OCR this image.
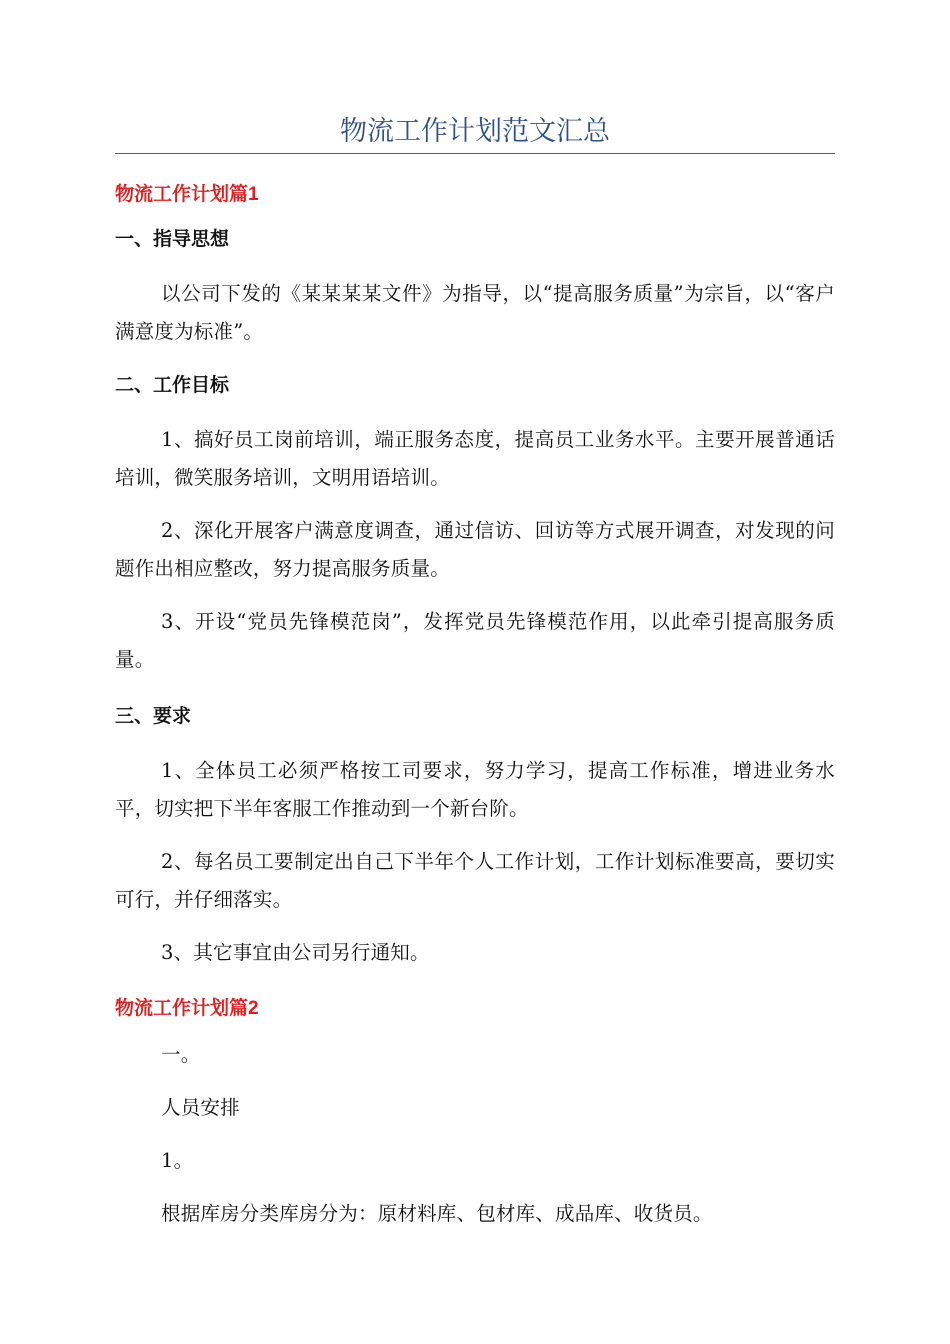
物流工作计划范文汇总
物流工作计划篇1
一、指导思想

以公司下发的《某某某某文件》为指导，以“提高服务质量”为宗旨，以“客户满意度为标准”。

二、工作目标

1、搞好员工岗前培训，端正服务态度，提高员工业务水平。主要开展普通话培训，微笑服务培训，文明用语培训。

2、深化开展客户满意度调查，通过信访、回访等方式展开调查，对发现的问题作出相应整改，努力提高服务质量。

3、开设“党员先锋模范岗”，发挥党员先锋模范作用，以此牵引提高服务质量。

三、要求

1、全体员工必须严格按工司要求，努力学习，提高工作标准，增进业务水平，切实把下半年客服工作推动到一个新台阶。

2、每名员工要制定出自己下半年个人工作计划，工作计划标准要高，要切实可行，并仔细落实。

3、其它事宜由公司另行通知。

物流工作计划篇2

一。

人员安排

1。

根据库房分类库房分为：原材料库、包材库、成品库、收货员。
